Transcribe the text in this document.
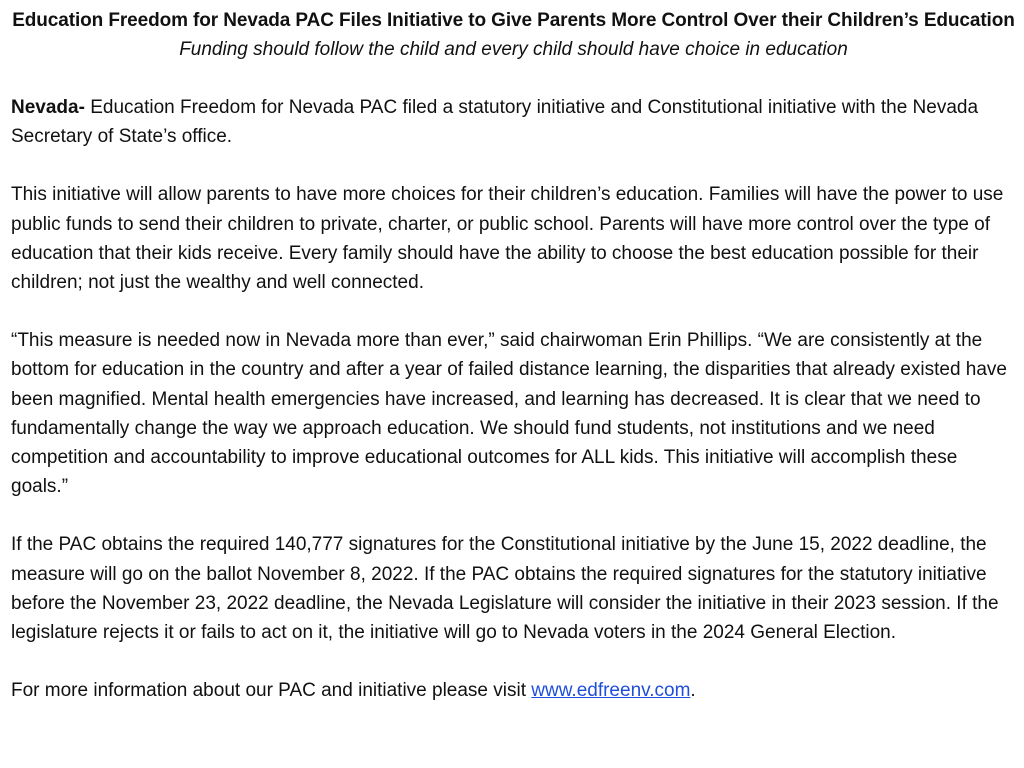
Education Freedom for Nevada PAC Files Initiative to Give Parents More Control Over their Children’s Education

Funding should follow the child and every child should have choice in education

Nevada- Education Freedom for Nevada PAC filed a statutory initiative and Constitutional initiative with the Nevada Secretary of State’s office.

This initiative will allow parents to have more choices for their children’s education. Families will have the power to use public funds to send their children to private, charter, or public school. Parents will have more control over the type of education that their kids receive. Every family should have the ability to choose the best education possible for their children; not just the wealthy and well connected.

“This measure is needed now in Nevada more than ever,” said chairwoman Erin Phillips. “We are consistently at the bottom for education in the country and after a year of failed distance learning, the disparities that already existed have been magnified. Mental health emergencies have increased, and learning has decreased. It is clear that we need to fundamentally change the way we approach education. We should fund students, not institutions and we need competition and accountability to improve educational outcomes for ALL kids. This initiative will accomplish these goals.”

If the PAC obtains the required 140,777 signatures for the Constitutional initiative by the June 15, 2022 deadline, the measure will go on the ballot November 8, 2022. If the PAC obtains the required signatures for the statutory initiative before the November 23, 2022 deadline, the Nevada Legislature will consider the initiative in their 2023 session. If the legislature rejects it or fails to act on it, the initiative will go to Nevada voters in the 2024 General Election.

For more information about our PAC and initiative please visit www.edfreenv.com.
